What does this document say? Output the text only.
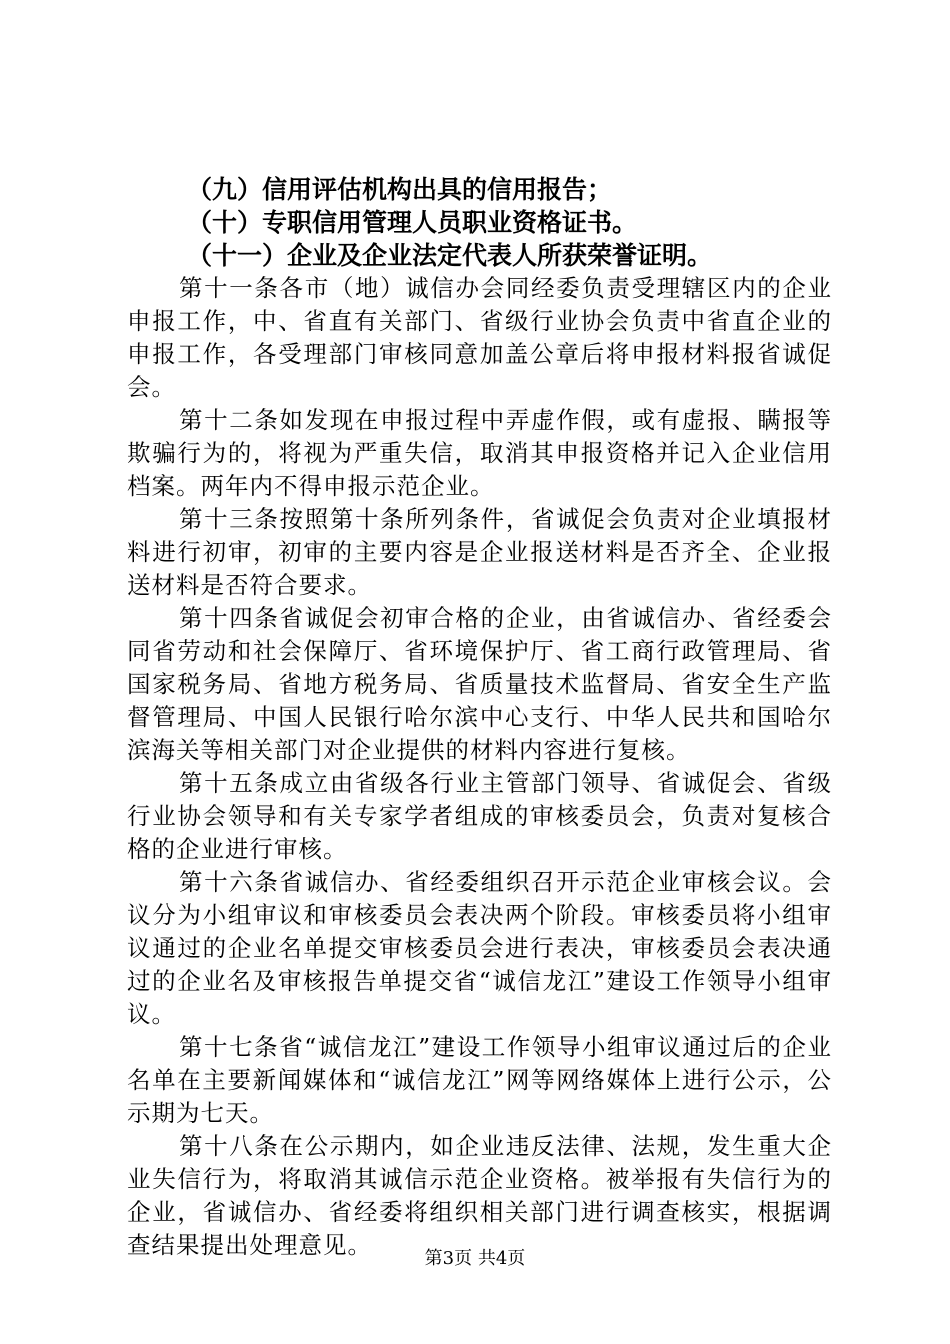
（九）信用评估机构出具的信用报告；

（十）专职信用管理人员职业资格证书。

（十一）企业及企业法定代表人所获荣誉证明。

第十一条各市（地）诚信办会同经委负责受理辖区内的企业申报工作，中、省直有关部门、省级行业协会负责中省直企业的申报工作，各受理部门审核同意加盖公章后将申报材料报省诚促会。

第十二条如发现在申报过程中弄虚作假，或有虚报、瞒报等欺骗行为的，将视为严重失信，取消其申报资格并记入企业信用档案。两年内不得申报示范企业。

第十三条按照第十条所列条件，省诚促会负责对企业填报材料进行初审，初审的主要内容是企业报送材料是否齐全、企业报送材料是否符合要求。

第十四条省诚促会初审合格的企业，由省诚信办、省经委会同省劳动和社会保障厅、省环境保护厅、省工商行政管理局、省国家税务局、省地方税务局、省质量技术监督局、省安全生产监督管理局、中国人民银行哈尔滨中心支行、中华人民共和国哈尔滨海关等相关部门对企业提供的材料内容进行复核。

第十五条成立由省级各行业主管部门领导、省诚促会、省级行业协会领导和有关专家学者组成的审核委员会，负责对复核合格的企业进行审核。

第十六条省诚信办、省经委组织召开示范企业审核会议。会议分为小组审议和审核委员会表决两个阶段。审核委员将小组审议通过的企业名单提交审核委员会进行表决，审核委员会表决通过的企业名及审核报告单提交省“诚信龙江”建设工作领导小组审议。

第十七条省“诚信龙江”建设工作领导小组审议通过后的企业名单在主要新闻媒体和“诚信龙江”网等网络媒体上进行公示，公示期为七天。

第十八条在公示期内，如企业违反法律、法规，发生重大企业失信行为，将取消其诚信示范企业资格。被举报有失信行为的企业，省诚信办、省经委将组织相关部门进行调查核实，根据调查结果提出处理意见。	第3页 共4页
